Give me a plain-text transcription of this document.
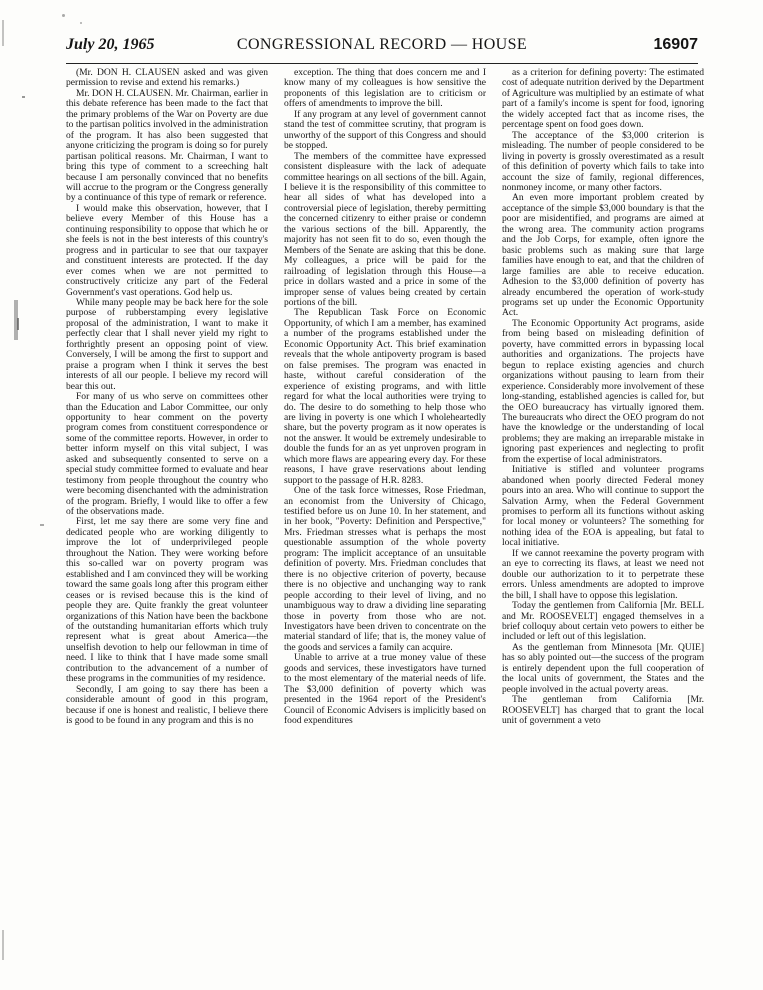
July 20, 1965	CONGRESSIONAL RECORD — HOUSE	16907

(Mr. DON H. CLAUSEN asked and was given permission to revise and extend his remarks.)

Mr. DON H. CLAUSEN. Mr. Chairman, earlier in this debate reference has been made to the fact that the primary problems of the War on Poverty are due to the partisan politics involved in the administration of the program. It has also been suggested that anyone criticizing the program is doing so for purely partisan political reasons. Mr. Chairman, I want to bring this type of comment to a screeching halt because I am personally convinced that no benefits will accrue to the program or the Congress generally by a continuance of this type of remark or reference.

I would make this observation, however, that I believe every Member of this House has a continuing responsibility to oppose that which he or she feels is not in the best interests of this country's progress and in particular to see that our taxpayer and constituent interests are protected. If the day ever comes when we are not permitted to constructively criticize any part of the Federal Government's vast operations. God help us.

While many people may be back here for the sole purpose of rubberstamping every legislative proposal of the administration, I want to make it perfectly clear that I shall never yield my right to forthrightly present an opposing point of view. Conversely, I will be among the first to support and praise a program when I think it serves the best interests of all our people. I believe my record will bear this out.

For many of us who serve on committees other than the Education and Labor Committee, our only opportunity to hear comment on the poverty program comes from constituent correspondence or some of the committee reports. However, in order to better inform myself on this vital subject, I was asked and subsequently consented to serve on a special study committee formed to evaluate and hear testimony from people throughout the country who were becoming disenchanted with the administration of the program. Briefly, I would like to offer a few of the observations made.

First, let me say there are some very fine and dedicated people who are working diligently to improve the lot of underprivileged people throughout the Nation. They were working before this so-called war on poverty program was established and I am convinced they will be working toward the same goals long after this program either ceases or is revised because this is the kind of people they are. Quite frankly the great volunteer organizations of this Nation have been the backbone of the outstanding humanitarian efforts which truly represent what is great about America—the unselfish devotion to help our fellowman in time of need. I like to think that I have made some small contribution to the advancement of a number of these programs in the communities of my residence.

Secondly, I am going to say there has been a considerable amount of good in this program, because if one is honest and realistic, I believe there is good to be found in any program and this is no

exception. The thing that does concern me and I know many of my colleagues is how sensitive the proponents of this legislation are to criticism or offers of amendments to improve the bill.

If any program at any level of government cannot stand the test of committee scrutiny, that program is unworthy of the support of this Congress and should be stopped.

The members of the committee have expressed consistent displeasure with the lack of adequate committee hearings on all sections of the bill. Again, I believe it is the responsibility of this committee to hear all sides of what has developed into a controversial piece of legislation, thereby permitting the concerned citizenry to either praise or condemn the various sections of the bill. Apparently, the majority has not seen fit to do so, even though the Members of the Senate are asking that this be done. My colleagues, a price will be paid for the railroading of legislation through this House—a price in dollars wasted and a price in some of the improper sense of values being created by certain portions of the bill.

The Republican Task Force on Economic Opportunity, of which I am a member, has examined a number of the programs established under the Economic Opportunity Act. This brief examination reveals that the whole antipoverty program is based on false premises. The program was enacted in haste, without careful consideration of the experience of existing programs, and with little regard for what the local authorities were trying to do. The desire to do something to help those who are living in poverty is one which I wholeheartedly share, but the poverty program as it now operates is not the answer. It would be extremely undesirable to double the funds for an as yet unproven program in which more flaws are appearing every day. For these reasons, I have grave reservations about lending support to the passage of H.R. 8283.

One of the task force witnesses, Rose Friedman, an economist from the University of Chicago, testified before us on June 10. In her statement, and in her book, "Poverty: Definition and Perspective," Mrs. Friedman stresses what is perhaps the most questionable assumption of the whole poverty program: The implicit acceptance of an unsuitable definition of poverty. Mrs. Friedman concludes that there is no objective criterion of poverty, because there is no objective and unchanging way to rank people according to their level of living, and no unambiguous way to draw a dividing line separating those in poverty from those who are not. Investigators have been driven to concentrate on the material standard of life; that is, the money value of the goods and services a family can acquire.

Unable to arrive at a true money value of these goods and services, these investigators have turned to the most elementary of the material needs of life. The $3,000 definition of poverty which was presented in the 1964 report of the President's Council of Economic Advisers is implicitly based on food expenditures

as a criterion for defining poverty: The estimated cost of adequate nutrition derived by the Department of Agriculture was multiplied by an estimate of what part of a family's income is spent for food, ignoring the widely accepted fact that as income rises, the percentage spent on food goes down.

The acceptance of the $3,000 criterion is misleading. The number of people considered to be living in poverty is grossly overestimated as a result of this definition of poverty which fails to take into account the size of family, regional differences, nonmoney income, or many other factors.

An even more important problem created by acceptance of the simple $3,000 boundary is that the poor are misidentified, and programs are aimed at the wrong area. The community action programs and the Job Corps, for example, often ignore the basic problems such as making sure that large families have enough to eat, and that the children of large families are able to receive education. Adhesion to the $3,000 definition of poverty has already encumbered the operation of work-study programs set up under the Economic Opportunity Act.

The Economic Opportunity Act programs, aside from being based on misleading definition of poverty, have committed errors in bypassing local authorities and organizations. The projects have begun to replace existing agencies and church organizations without pausing to learn from their experience. Considerably more involvement of these long-standing, established agencies is called for, but the OEO bureaucracy has virtually ignored them. The bureaucrats who direct the OEO program do not have the knowledge or the understanding of local problems; they are making an irreparable mistake in ignoring past experiences and neglecting to profit from the expertise of local administrators.

Initiative is stifled and volunteer programs abandoned when poorly directed Federal money pours into an area. Who will continue to support the Salvation Army, when the Federal Government promises to perform all its functions without asking for local money or volunteers? The something for nothing idea of the EOA is appealing, but fatal to local initiative.

If we cannot reexamine the poverty program with an eye to correcting its flaws, at least we need not double our authorization to it to perpetrate these errors. Unless amendments are adopted to improve the bill, I shall have to oppose this legislation.

Today the gentlemen from California [Mr. BELL and Mr. ROOSEVELT] engaged themselves in a brief colloquy about certain veto powers to either be included or left out of this legislation.

As the gentleman from Minnesota [Mr. QUIE] has so ably pointed out—the success of the program is entirely dependent upon the full cooperation of the local units of government, the States and the people involved in the actual poverty areas.

The gentleman from California [Mr. ROOSEVELT] has charged that to grant the local unit of government a veto
